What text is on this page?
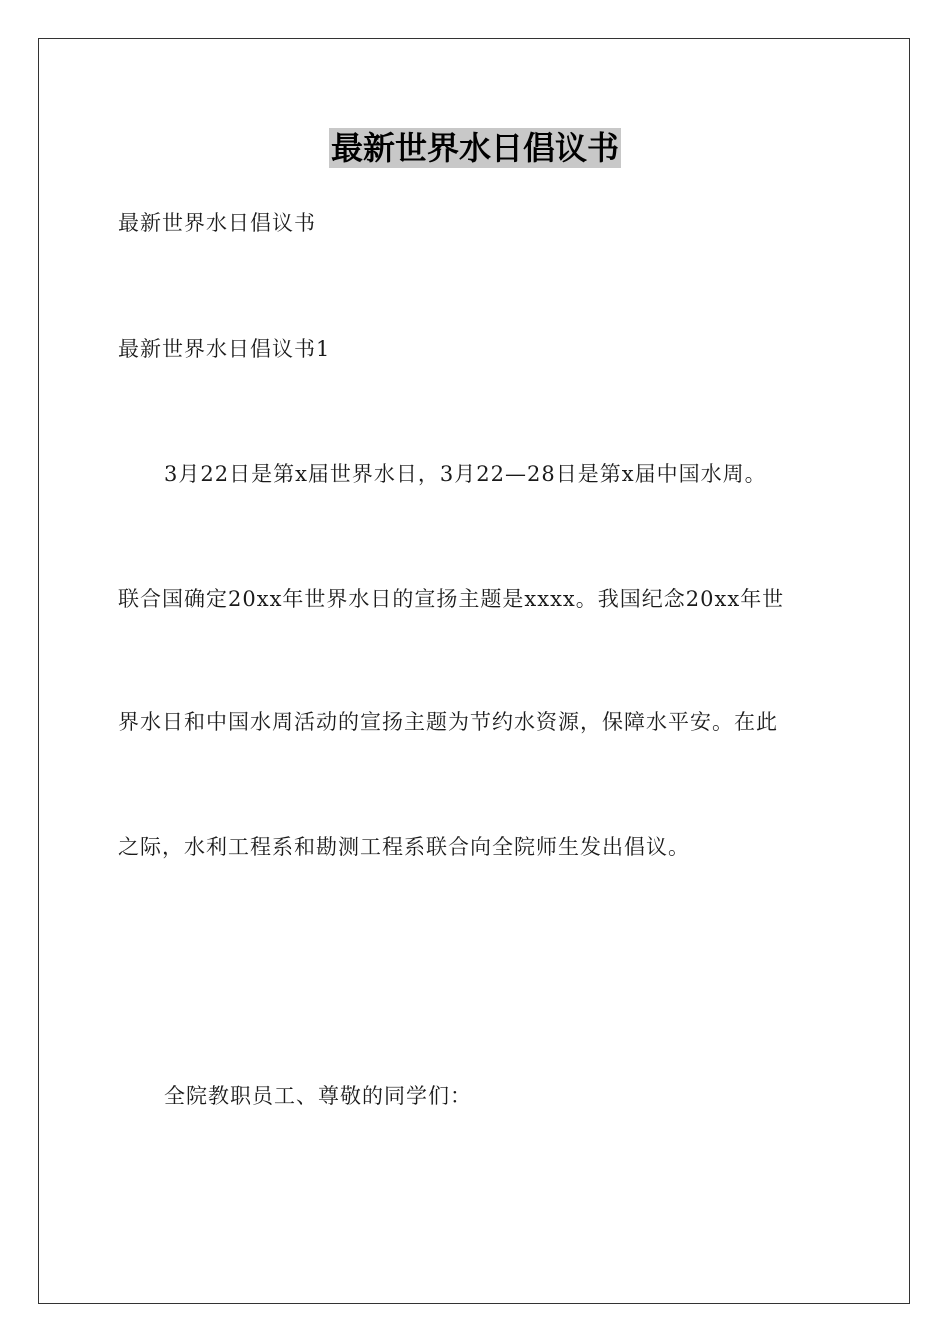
最新世界水日倡议书
最新世界水日倡议书
最新世界水日倡议书1
3月22日是第x届世界水日，3月22—28日是第x届中国水周。
联合国确定20xx年世界水日的宣扬主题是xxxx。我国纪念20xx年世
界水日和中国水周活动的宣扬主题为节约水资源，保障水平安。在此
之际，水利工程系和勘测工程系联合向全院师生发出倡议。
全院教职员工、尊敬的同学们：
